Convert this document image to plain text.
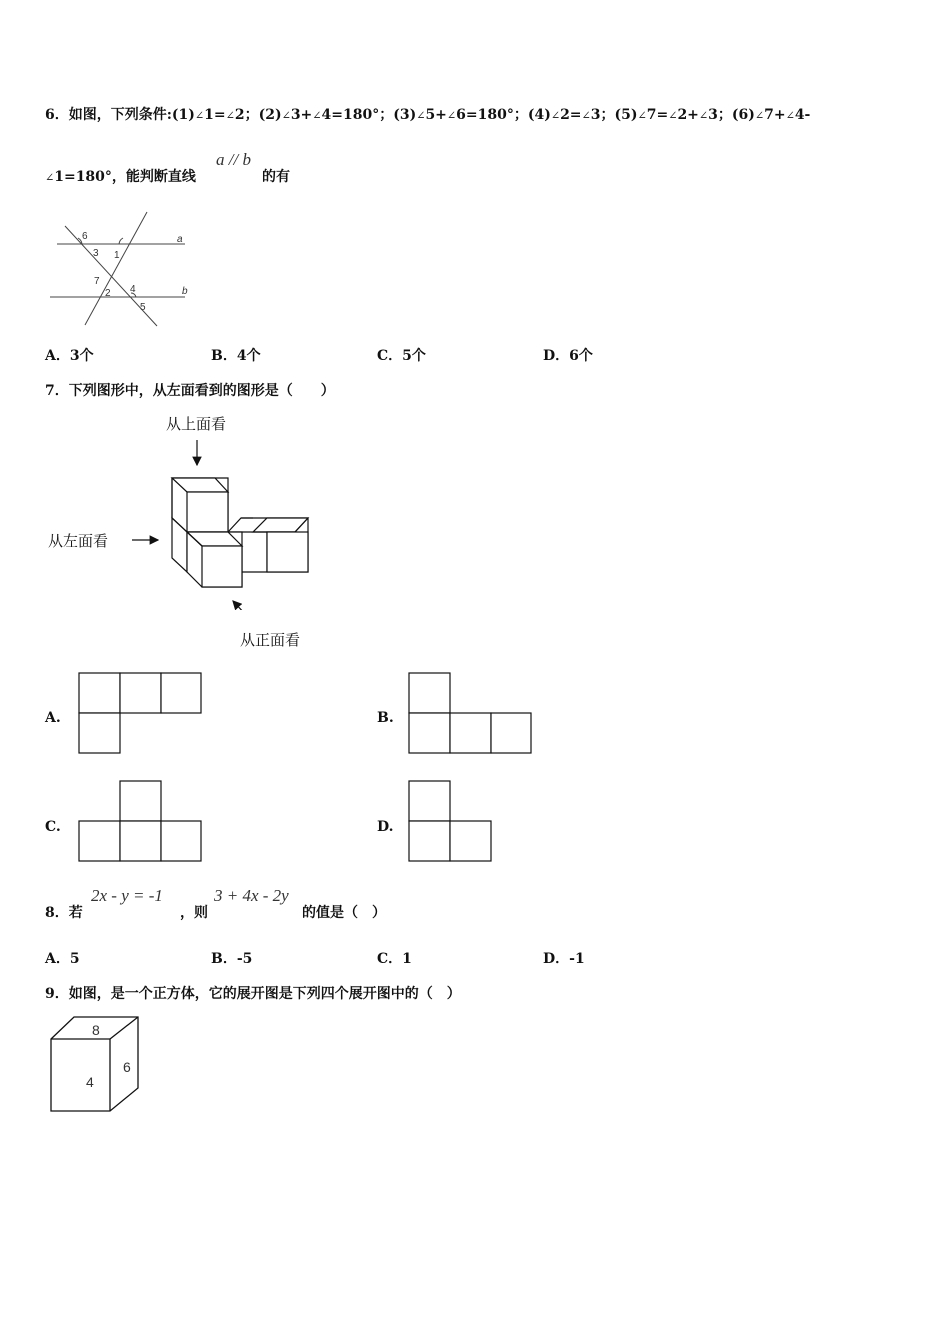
6．如图，下列条件:(1)∠1=∠2；(2)∠3+∠4=180°；(3)∠5+∠6=180°；(4)∠2=∠3；(5)∠7=∠2+∠3；(6)∠7+∠4-
∠1=180°，能判断直线
a // b
的有
6
3 1
7
2 4
5
a
b
A．3个	B．4个	C．5个	D．6个
7．下列图形中，从左面看到的图形是（　　）
从上面看
从左面看
从正面看
A.	B.
C.	D.
8．若
2x - y = -1
，则
3 + 4x - 2y
的值是（　）
A．5	B．-5	C．1	D．-1
9．如图，是一个正方体，它的展开图是下列四个展开图中的（　）
8
4
6
